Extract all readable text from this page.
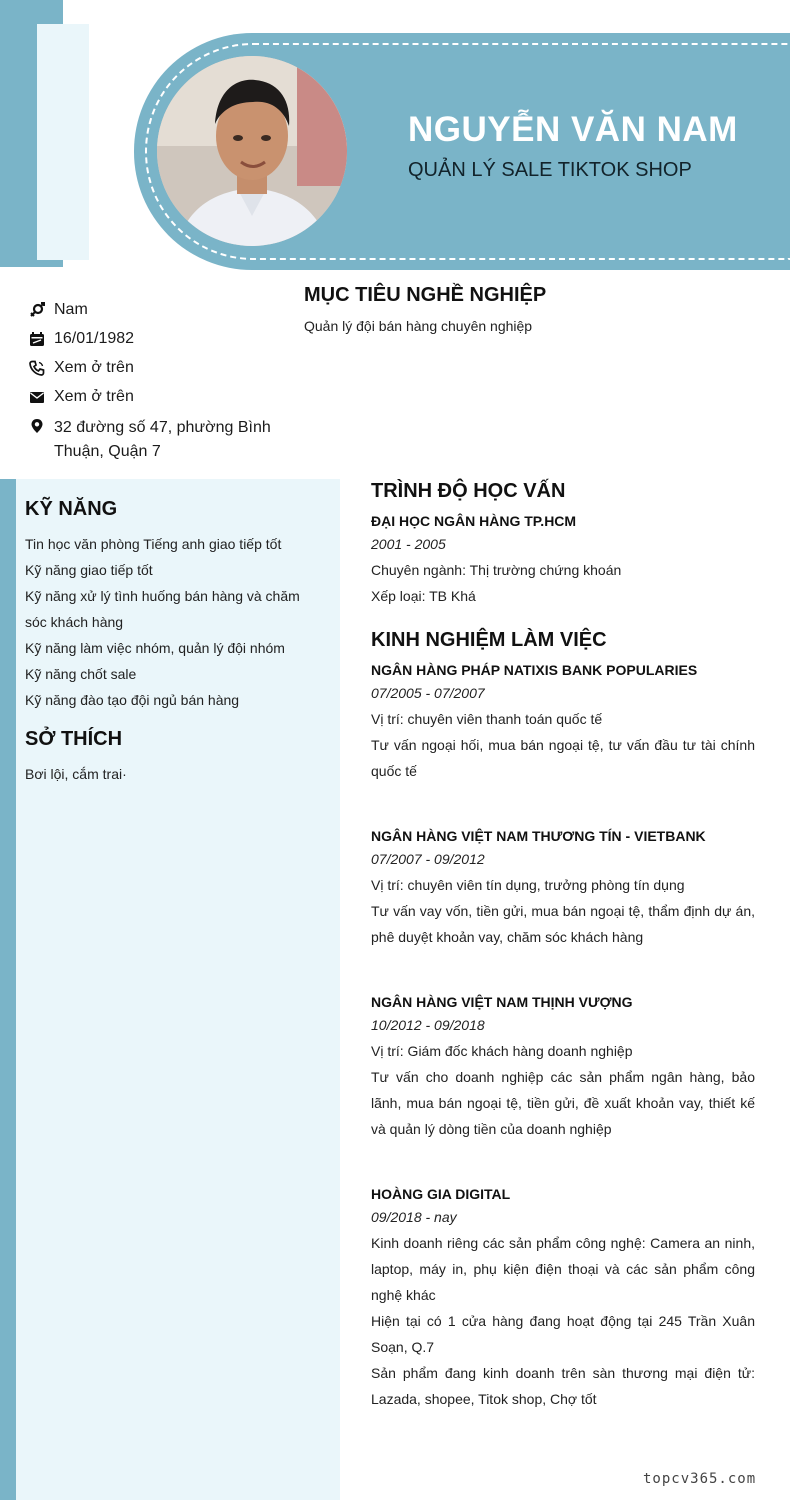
NGUYỄN VĂN NAM
QUẢN LÝ SALE TIKTOK SHOP
Nam
16/01/1982
Xem ở trên
Xem ở trên
32 đường số 47, phường Bình Thuận, Quận 7
MỤC TIÊU NGHỀ NGHIỆP
Quản lý đội bán hàng chuyên nghiệp
KỸ NĂNG
Tin học văn phòng Tiếng anh giao tiếp tốt
Kỹ năng giao tiếp tốt
Kỹ năng xử lý tình huống bán hàng và chăm sóc khách hàng
Kỹ năng làm việc nhóm, quản lý đội nhóm
Kỹ năng chốt sale
Kỹ năng đào tạo đội ngủ bán hàng
SỞ THÍCH
Bơi lội, cắm trai·
TRÌNH ĐỘ HỌC VẤN
ĐẠI HỌC NGÂN HÀNG TP.HCM
2001 - 2005
Chuyên ngành: Thị trường chứng khoán
Xếp loại: TB Khá
KINH NGHIỆM LÀM VIỆC
NGÂN HÀNG PHÁP NATIXIS BANK POPULARIES
07/2005 - 07/2007
Vị trí: chuyên viên thanh toán quốc tế
Tư vấn ngoại hối, mua bán ngoại tệ, tư vấn đầu tư tài chính quốc tế
NGÂN HÀNG VIỆT NAM THƯƠNG TÍN - VIETBANK
07/2007 - 09/2012
Vị trí: chuyên viên tín dụng, trưởng phòng tín dụng
Tư vấn vay vốn, tiền gửi, mua bán ngoại tệ, thẩm định dự án, phê duyệt khoản vay, chăm sóc khách hàng
NGÂN HÀNG VIỆT NAM THỊNH VƯỢNG
10/2012 - 09/2018
Vị trí: Giám đốc khách hàng doanh nghiệp
Tư vấn cho doanh nghiệp các sản phẩm ngân hàng, bảo lãnh, mua bán ngoại tệ, tiền gửi, đề xuất khoản vay, thiết kế và quản lý dòng tiền của doanh nghiệp
HOÀNG GIA DIGITAL
09/2018 - nay
Kinh doanh riêng các sản phẩm công nghệ: Camera an ninh, laptop, máy in, phụ kiện điện thoại và các sản phẩm công nghệ khác
Hiện tại có 1 cửa hàng đang hoạt động tại 245 Trần Xuân Soạn, Q.7
Sản phẩm đang kinh doanh trên sàn thương mại điện tử: Lazada, shopee, Titok shop, Chợ tốt
topcv365.com
